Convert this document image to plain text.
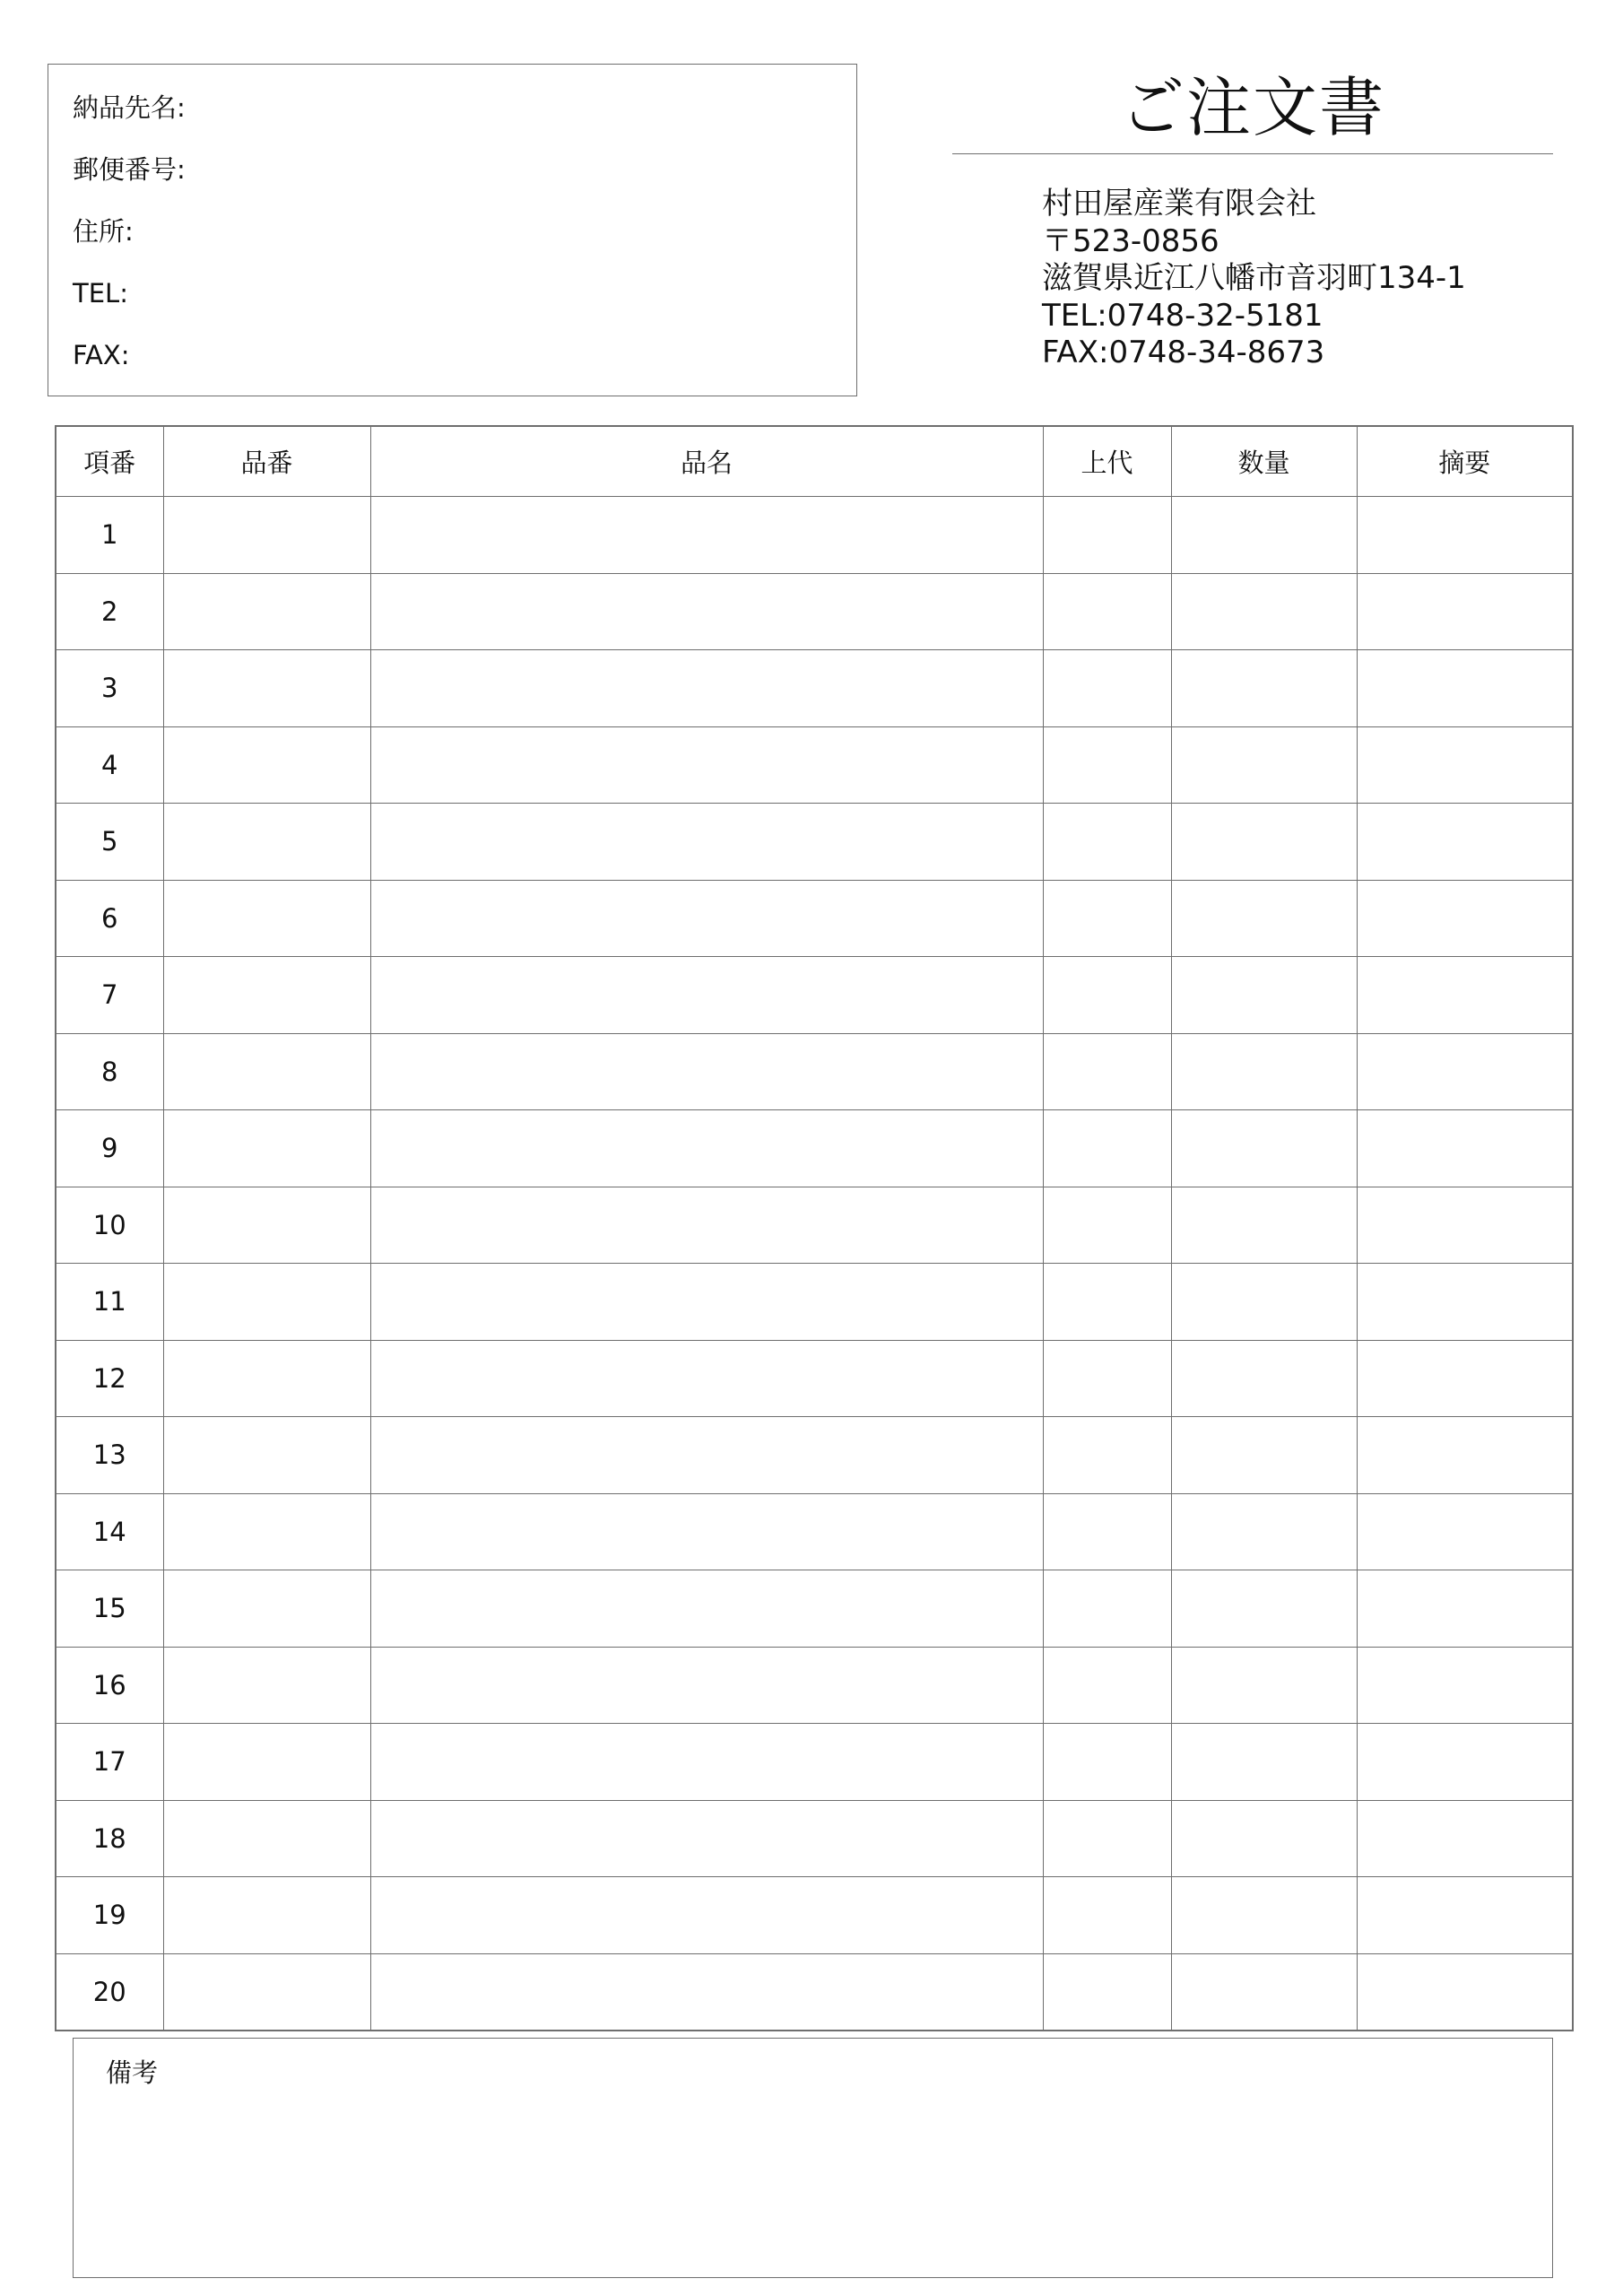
納品先名:
郵便番号:
住所:
TEL:
FAX:
ご注文書
村田屋産業有限会社
〒523-0856
滋賀県近江八幡市音羽町134-1
TEL:0748-32-5181
FAX:0748-34-8673
項番	品番	品名	上代	数量	摘要
1					
2					
3					
4					
5					
6					
7					
8					
9					
10					
11					
12					
13					
14					
15					
16					
17					
18					
19					
20					
備考
